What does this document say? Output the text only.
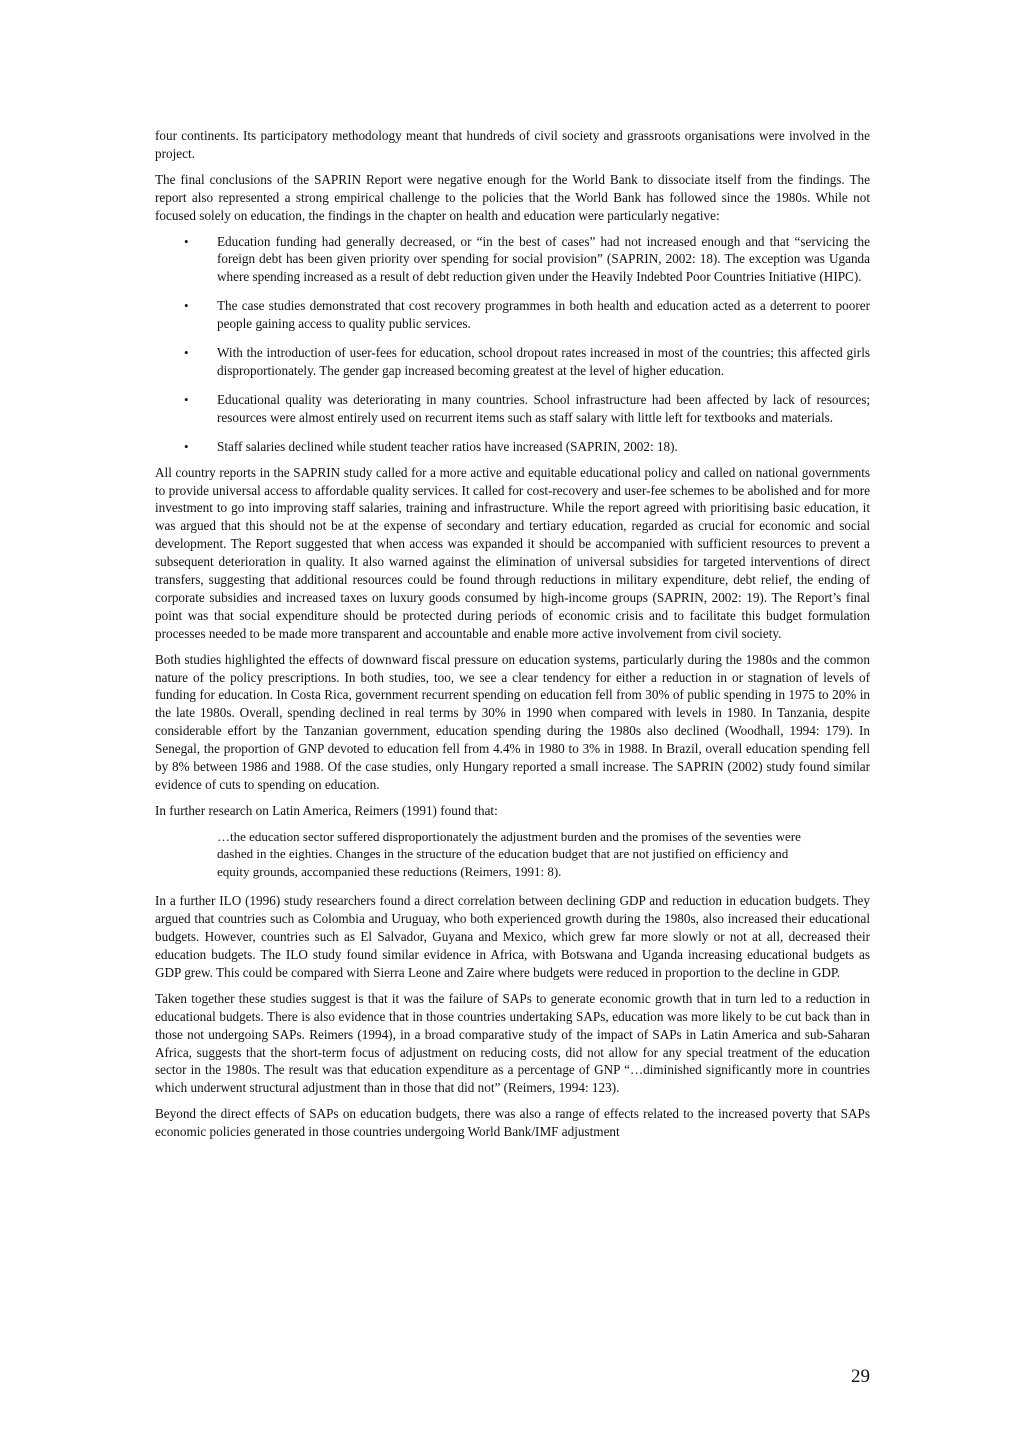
four continents. Its participatory methodology meant that hundreds of civil society and grassroots organisations were involved in the project.

The final conclusions of the SAPRIN Report were negative enough for the World Bank to dissociate itself from the findings. The report also represented a strong empirical challenge to the policies that the World Bank has followed since the 1980s. While not focused solely on education, the findings in the chapter on health and education were particularly negative:

• Education funding had generally decreased, or “in the best of cases” had not increased enough and that “servicing the foreign debt has been given priority over spending for social provision” (SAPRIN, 2002: 18). The exception was Uganda where spending increased as a result of debt reduction given under the Heavily Indebted Poor Countries Initiative (HIPC).
• The case studies demonstrated that cost recovery programmes in both health and education acted as a deterrent to poorer people gaining access to quality public services.
• With the introduction of user-fees for education, school dropout rates increased in most of the countries; this affected girls disproportionately. The gender gap increased becoming greatest at the level of higher education.
• Educational quality was deteriorating in many countries. School infrastructure had been affected by lack of resources; resources were almost entirely used on recurrent items such as staff salary with little left for textbooks and materials.
• Staff salaries declined while student teacher ratios have increased (SAPRIN, 2002: 18).

All country reports in the SAPRIN study called for a more active and equitable educational policy and called on national governments to provide universal access to affordable quality services. It called for cost-recovery and user-fee schemes to be abolished and for more investment to go into improving staff salaries, training and infrastructure. While the report agreed with prioritising basic education, it was argued that this should not be at the expense of secondary and tertiary education, regarded as crucial for economic and social development. The Report suggested that when access was expanded it should be accompanied with sufficient resources to prevent a subsequent deterioration in quality. It also warned against the elimination of universal subsidies for targeted interventions of direct transfers, suggesting that additional resources could be found through reductions in military expenditure, debt relief, the ending of corporate subsidies and increased taxes on luxury goods consumed by high-income groups (SAPRIN, 2002: 19). The Report’s final point was that social expenditure should be protected during periods of economic crisis and to facilitate this budget formulation processes needed to be made more transparent and accountable and enable more active involvement from civil society.

Both studies highlighted the effects of downward fiscal pressure on education systems, particularly during the 1980s and the common nature of the policy prescriptions. In both studies, too, we see a clear tendency for either a reduction in or stagnation of levels of funding for education. In Costa Rica, government recurrent spending on education fell from 30% of public spending in 1975 to 20% in the late 1980s. Overall, spending declined in real terms by 30% in 1990 when compared with levels in 1980. In Tanzania, despite considerable effort by the Tanzanian government, education spending during the 1980s also declined (Woodhall, 1994: 179). In Senegal, the proportion of GNP devoted to education fell from 4.4% in 1980 to 3% in 1988. In Brazil, overall education spending fell by 8% between 1986 and 1988. Of the case studies, only Hungary reported a small increase. The SAPRIN (2002) study found similar evidence of cuts to spending on education.

In further research on Latin America, Reimers (1991) found that:

…the education sector suffered disproportionately the adjustment burden and the promises of the seventies were dashed in the eighties. Changes in the structure of the education budget that are not justified on efficiency and equity grounds, accompanied these reductions (Reimers, 1991: 8).

In a further ILO (1996) study researchers found a direct correlation between declining GDP and reduction in education budgets. They argued that countries such as Colombia and Uruguay, who both experienced growth during the 1980s, also increased their educational budgets. However, countries such as El Salvador, Guyana and Mexico, which grew far more slowly or not at all, decreased their education budgets. The ILO study found similar evidence in Africa, with Botswana and Uganda increasing educational budgets as GDP grew. This could be compared with Sierra Leone and Zaire where budgets were reduced in proportion to the decline in GDP.

Taken together these studies suggest is that it was the failure of SAPs to generate economic growth that in turn led to a reduction in educational budgets. There is also evidence that in those countries undertaking SAPs, education was more likely to be cut back than in those not undergoing SAPs. Reimers (1994), in a broad comparative study of the impact of SAPs in Latin America and sub-Saharan Africa, suggests that the short-term focus of adjustment on reducing costs, did not allow for any special treatment of the education sector in the 1980s. The result was that education expenditure as a percentage of GNP “…diminished significantly more in countries which underwent structural adjustment than in those that did not” (Reimers, 1994: 123).

Beyond the direct effects of SAPs on education budgets, there was also a range of effects related to the increased poverty that SAPs economic policies generated in those countries undergoing World Bank/IMF adjustment

29
